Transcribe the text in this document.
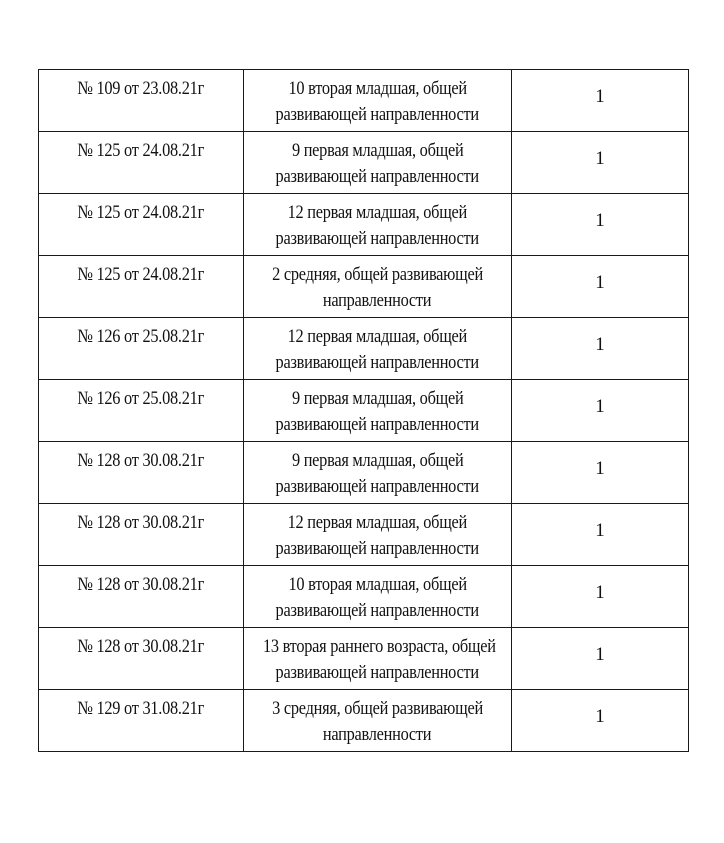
№ 109 от 23.08.21г	10 вторая младшая, общей
развивающей направленности	1
№ 125 от 24.08.21г	9 первая младшая, общей
развивающей направленности	1
№ 125 от 24.08.21г	12 первая младшая, общей
развивающей направленности	1
№ 125 от 24.08.21г	2 средняя, общей развивающей
направленности	1
№ 126 от 25.08.21г	12 первая младшая, общей
развивающей направленности	1
№ 126 от 25.08.21г	9 первая младшая, общей
развивающей направленности	1
№ 128 от 30.08.21г	9 первая младшая, общей
развивающей направленности	1
№ 128 от 30.08.21г	12 первая младшая, общей
развивающей направленности	1
№ 128 от 30.08.21г	10 вторая младшая, общей
развивающей направленности	1
№ 128 от 30.08.21г	13 вторая раннего возраста, общей
развивающей направленности	1
№ 129 от 31.08.21г	3 средняя, общей развивающей
направленности	1
